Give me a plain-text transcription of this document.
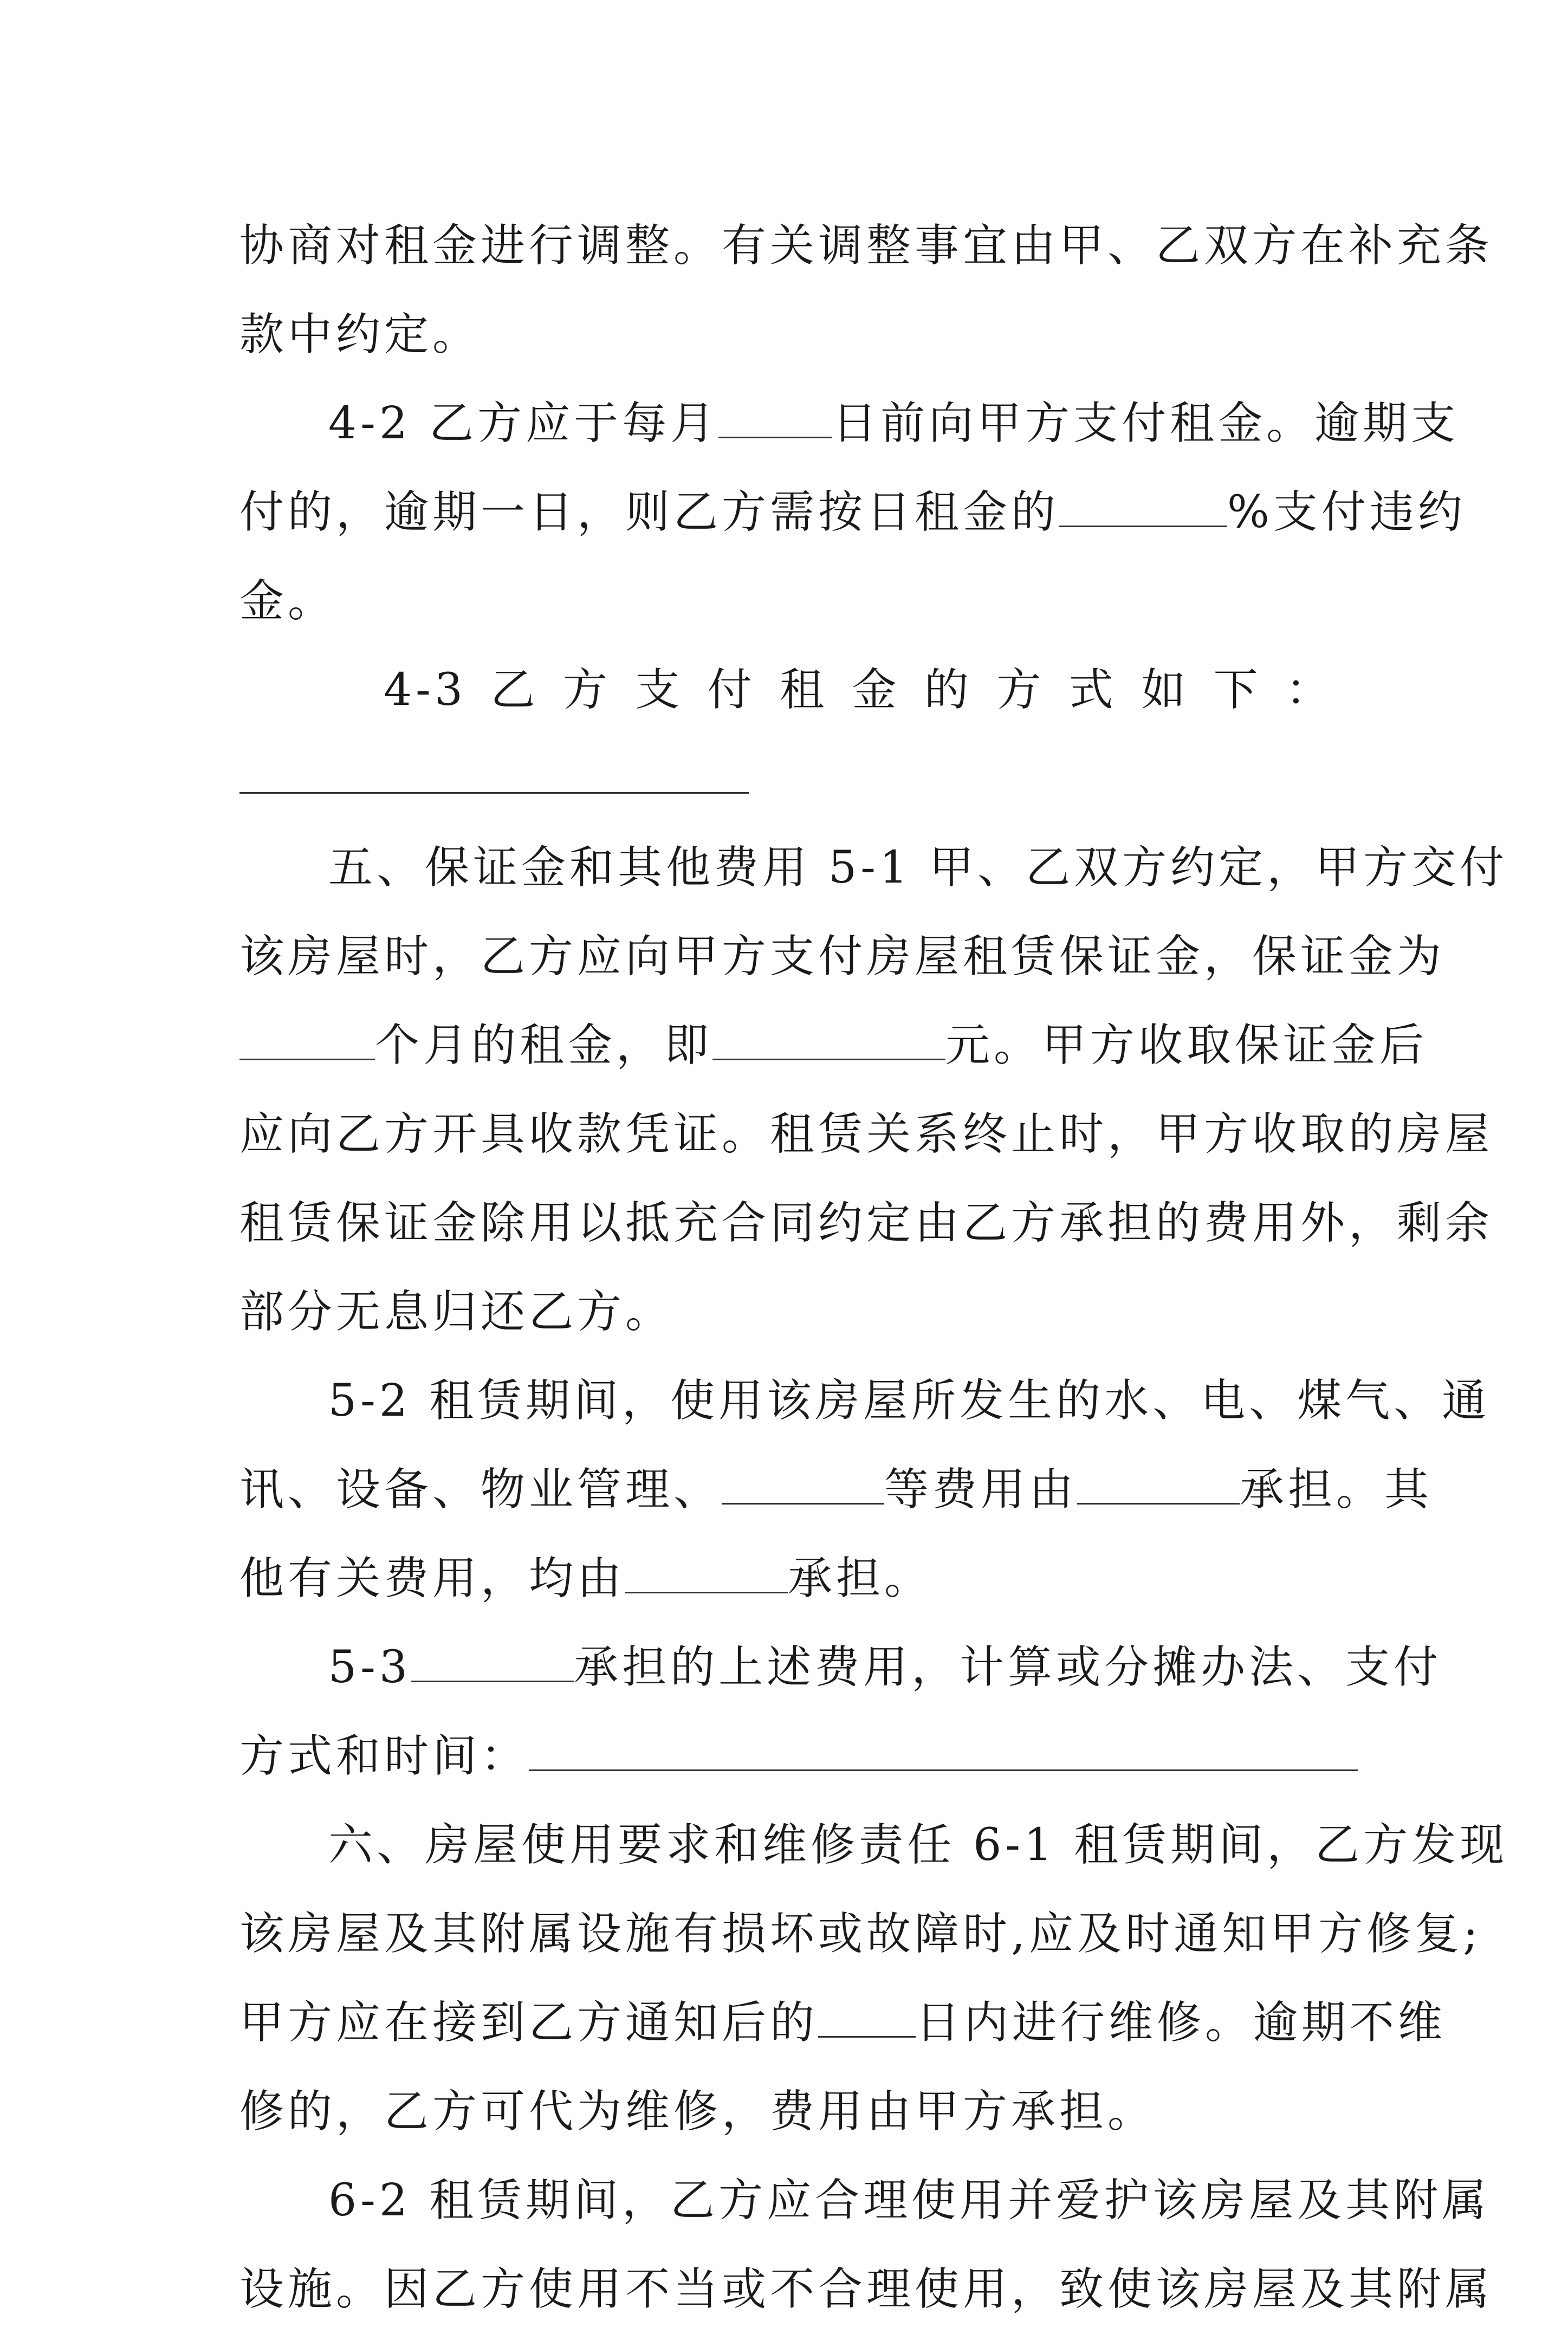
协商对租金进行调整。有关调整事宜由甲、乙双方在补充条
款中约定。
4-2 乙方应于每月	日前向甲方支付租金。逾期支
付的，逾期一日，则乙方需按日租金的	%支付违约
金。
4-3 乙 方 支 付 租 金 的 方 式 如 下 ：
五、保证金和其他费用 5-1 甲、乙双方约定，甲方交付
该房屋时，乙方应向甲方支付房屋租赁保证金，保证金为
个月的租金，即	元。甲方收取保证金后
应向乙方开具收款凭证。租赁关系终止时，甲方收取的房屋
租赁保证金除用以抵充合同约定由乙方承担的费用外，剩余
部分无息归还乙方。
5-2 租赁期间，使用该房屋所发生的水、电、煤气、通
讯、设备、物业管理、	等费用由	承担。其
他有关费用，均由	承担。
5-3	承担的上述费用，计算或分摊办法、支付
方式和时间：
六、房屋使用要求和维修责任 6-1 租赁期间，乙方发现
该房屋及其附属设施有损坏或故障时,应及时通知甲方修复;
甲方应在接到乙方通知后的 日内进行维修。逾期不维
修的，乙方可代为维修，费用由甲方承担。
6-2 租赁期间，乙方应合理使用并爱护该房屋及其附属
设施。因乙方使用不当或不合理使用，致使该房屋及其附属
